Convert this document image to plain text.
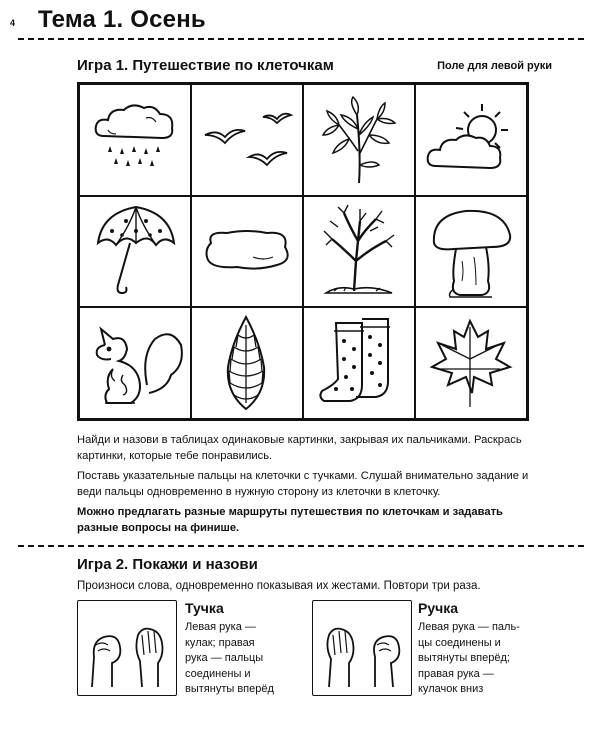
4 Тема 1. Осень
Игра 1. Путешествие по клеточкам	Поле для левой руки
Найди и назови в таблицах одинаковые картинки, закрывая их пальчиками. Раскрась картинки, которые тебе понравились.
Поставь указательные пальцы на клеточки с тучками. Слушай внимательно задание и веди пальцы одновременно в нужную сторону из клеточки в клеточку.
Можно предлагать разные маршруты путешествия по клеточкам и задавать разные вопросы на финише.
Игра 2. Покажи и назови
Произноси слова, одновременно показывая их жестами. Повтори три раза.
Тучка
Левая рука —
кулак; правая
рука — пальцы
соединены и
вытянуты вперёд
Ручка
Левая рука — паль-
цы соединены и
вытянуты вперёд;
правая рука —
кулачок вниз
